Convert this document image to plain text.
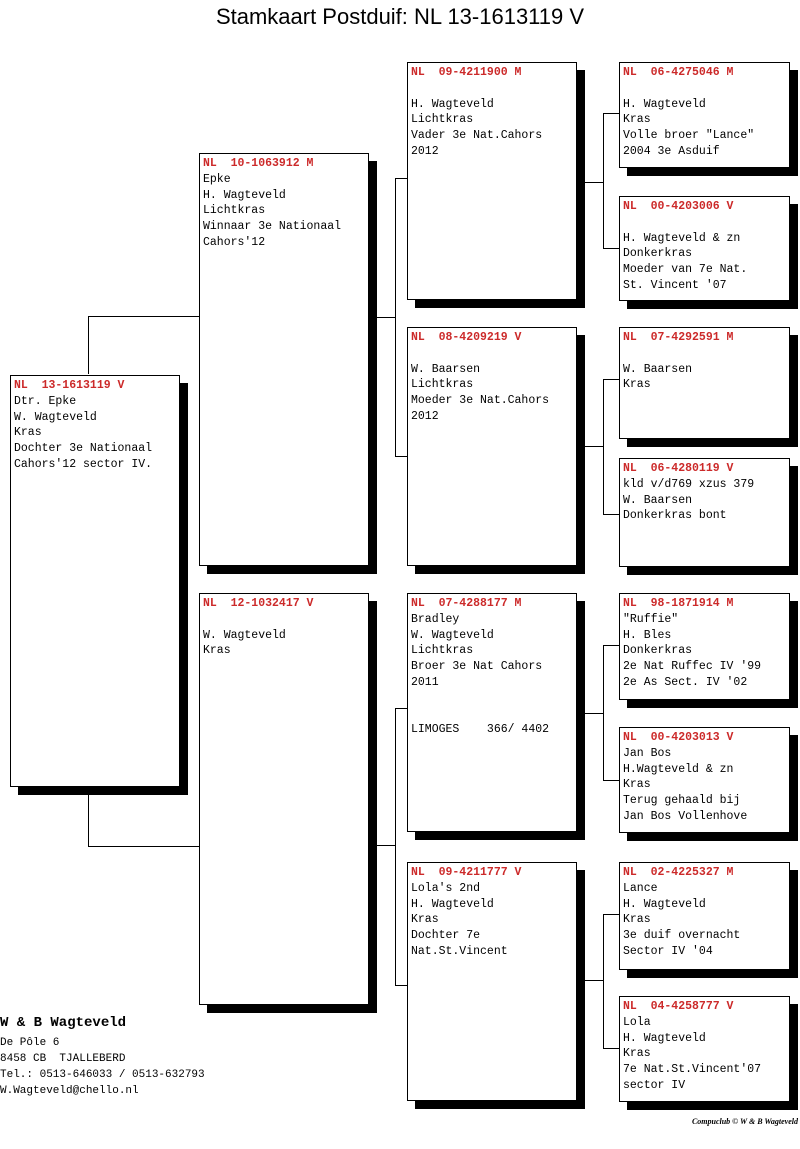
Stamkaart Postduif: NL 13-1613119 V
NL  13-1613119 V
Dtr. Epke
W. Wagteveld
Kras
Dochter 3e Nationaal
Cahors'12 sector IV.
NL  10-1063912 M
Epke
H. Wagteveld
Lichtkras
Winnaar 3e Nationaal
Cahors'12
NL  12-1032417 V
W. Wagteveld
Kras
NL  09-4211900 M
H. Wagteveld
Lichtkras
Vader 3e Nat.Cahors
2012
NL  08-4209219 V
W. Baarsen
Lichtkras
Moeder 3e Nat.Cahors
2012
NL  07-4288177 M
Bradley
W. Wagteveld
Lichtkras
Broer 3e Nat Cahors
2011
LIMOGES    366/ 4402
NL  09-4211777 V
Lola's 2nd
H. Wagteveld
Kras
Dochter 7e
Nat.St.Vincent
NL  06-4275046 M
H. Wagteveld
Kras
Volle broer "Lance"
2004 3e Asduif
NL  00-4203006 V
H. Wagteveld & zn
Donkerkras
Moeder van 7e Nat.
St. Vincent '07
NL  07-4292591 M
W. Baarsen
Kras
NL  06-4280119 V
kld v/d769 xzus 379
W. Baarsen
Donkerkras bont
NL  98-1871914 M
"Ruffie"
H. Bles
Donkerkras
2e Nat Ruffec IV '99
2e As Sect. IV '02
NL  00-4203013 V
Jan Bos
H.Wagteveld & zn
Kras
Terug gehaald bij
Jan Bos Vollenhove
NL  02-4225327 M
Lance
H. Wagteveld
Kras
3e duif overnacht
Sector IV '04
NL  04-4258777 V
Lola
H. Wagteveld
Kras
7e Nat.St.Vincent'07
sector IV
W & B Wagteveld
De Pôle 6
8458 CB  TJALLEBERD
Tel.: 0513-646033 / 0513-632793
W.Wagteveld@chello.nl
Compuclub © W & B Wagteveld
